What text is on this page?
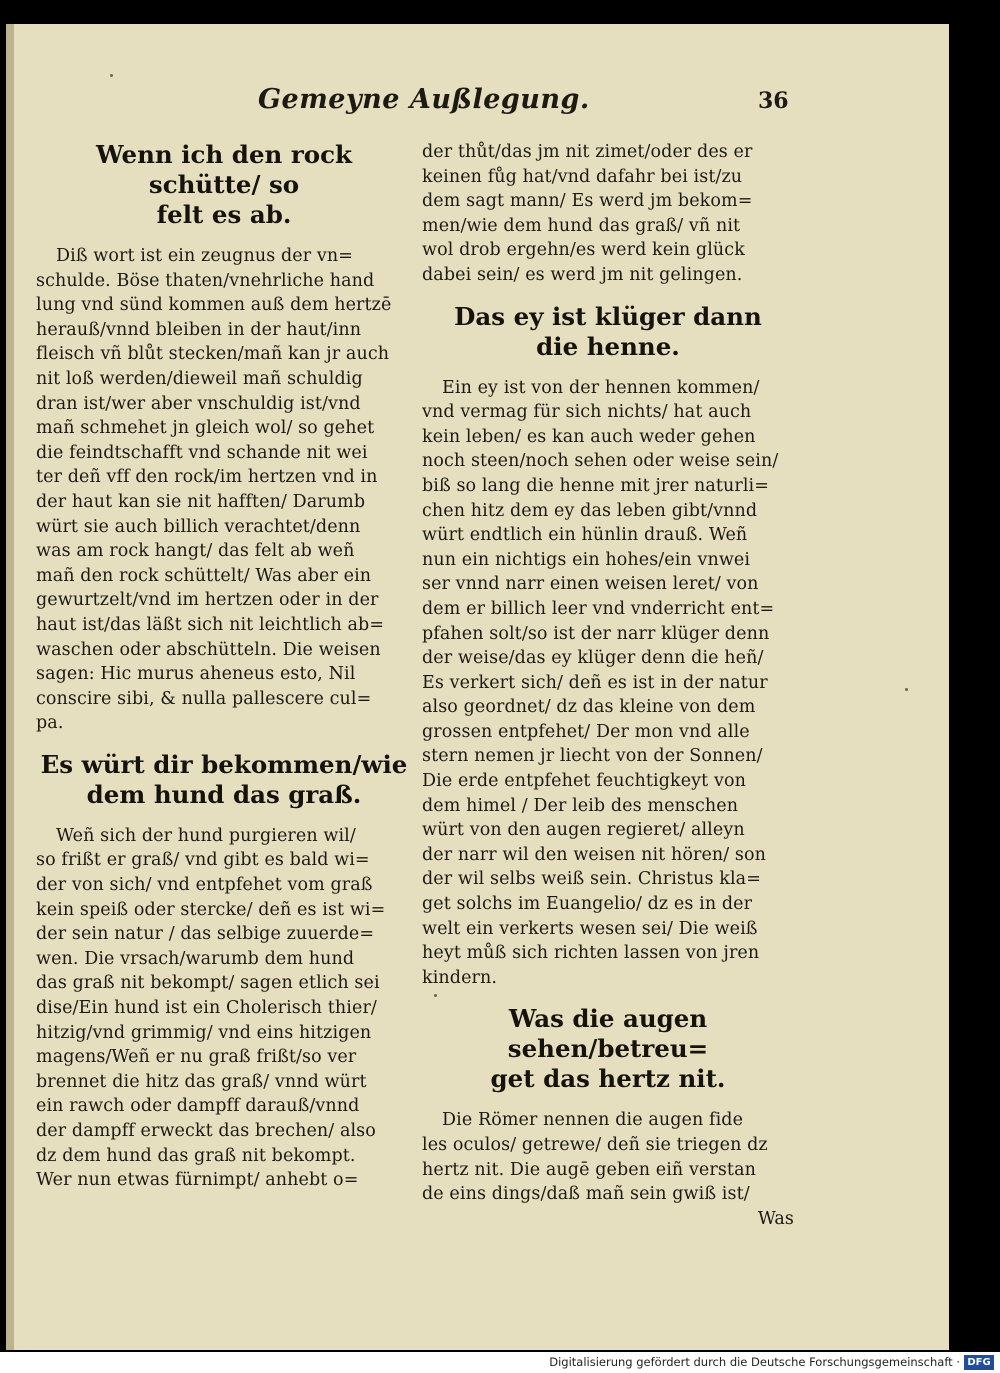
Gemeyne Außlegung.	36
Wenn ich den rock schütte/ so
felt es ab.
Diß wort ist ein zeugnus der vn=
schulde. Böse thaten/vnehrliche hand
lung vnd sünd kommen auß dem hertzē
herauß/vnnd bleiben in der haut/inn
fleisch vñ blůt stecken/mañ kan jr auch
nit loß werden/dieweil mañ schuldig
dran ist/wer aber vnschuldig ist/vnd
mañ schmehet jn gleich wol/ so gehet
die feindtschafft vnd schande nit wei
ter deñ vff den rock/im hertzen vnd in
der haut kan sie nit hafften/ Darumb
würt sie auch billich verachtet/denn
was am rock hangt/ das felt ab weñ
mañ den rock schüttelt/ Was aber ein
gewurtzelt/vnd im hertzen oder in der
haut ist/das läßt sich nit leichtlich ab=
waschen oder abschütteln. Die weisen
sagen: Hic murus aheneus esto, Nil
conscire sibi, & nulla pallescere cul=
pa.
Es würt dir bekommen/wie
dem hund das graß.
Weñ sich der hund purgieren wil/
so frißt er graß/ vnd gibt es bald wi=
der von sich/ vnd entpfehet vom graß
kein speiß oder stercke/ deñ es ist wi=
der sein natur / das selbige zuuerde=
wen. Die vrsach/warumb dem hund
das graß nit bekompt/ sagen etlich sei
dise/Ein hund ist ein Cholerisch thier/
hitzig/vnd grimmig/ vnd eins hitzigen
magens/Weñ er nu graß frißt/so ver
brennet die hitz das graß/ vnnd würt
ein rawch oder dampff darauß/vnnd
der dampff erweckt das brechen/ also
dz dem hund das graß nit bekompt.
Wer nun etwas fürnimpt/ anhebt o=
der thůt/das jm nit zimet/oder des er
keinen fůg hat/vnd dafahr bei ist/zu
dem sagt mann/ Es werd jm bekom=
men/wie dem hund das graß/ vñ nit
wol drob ergehn/es werd kein glück
dabei sein/ es werd jm nit gelingen.
Das ey ist klüger dann
die henne.
Ein ey ist von der hennen kommen/
vnd vermag für sich nichts/ hat auch
kein leben/ es kan auch weder gehen
noch steen/noch sehen oder weise sein/
biß so lang die henne mit jrer naturli=
chen hitz dem ey das leben gibt/vnnd
würt endtlich ein hünlin drauß. Weñ
nun ein nichtigs ein hohes/ein vnwei
ser vnnd narr einen weisen leret/ von
dem er billich leer vnd vnderricht ent=
pfahen solt/so ist der narr klüger denn
der weise/das ey klüger denn die heñ/
Es verkert sich/ deñ es ist in der natur
also geordnet/ dz das kleine von dem
grossen entpfehet/ Der mon vnd alle
stern nemen jr liecht von der Sonnen/
Die erde entpfehet feuchtigkeyt von
dem himel / Der leib des menschen
würt von den augen regieret/ alleyn
der narr wil den weisen nit hören/ son
der wil selbs weiß sein. Christus kla=
get solchs im Euangelio/ dz es in der
welt ein verkerts wesen sei/ Die weiß
heyt můß sich richten lassen von jren
kindern.
Was die augen sehen/betreu=
get das hertz nit.
Die Römer nennen die augen fide
les oculos/ getrewe/ deñ sie triegen dz
hertz nit. Die augē geben eiñ verstan
de eins dings/daß mañ sein gwiß ist/
Was
Digitalisierung gefördert durch die Deutsche Forschungsgemeinschaft · DFG
